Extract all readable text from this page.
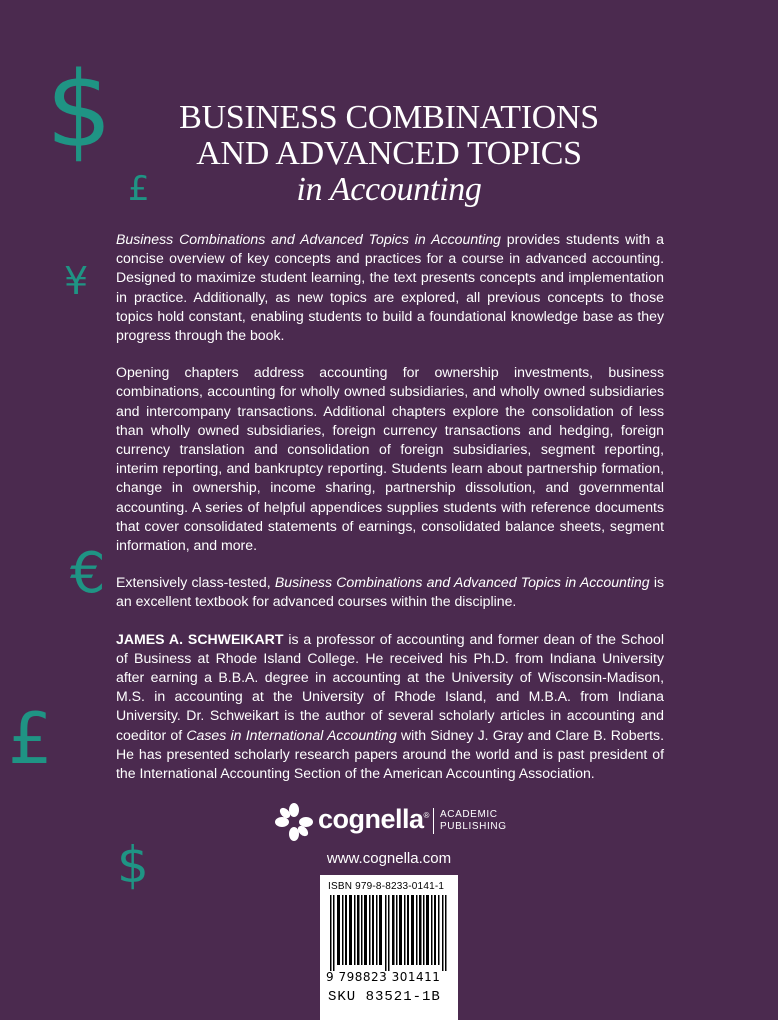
$
£
¥
€
£
$
BUSINESS COMBINATIONS
AND ADVANCED TOPICS
in Accounting

Business Combinations and Advanced Topics in Accounting provides students with a concise overview of key concepts and practices for a course in advanced accounting. Designed to maximize student learning, the text presents concepts and implementation in practice. Additionally, as new topics are explored, all previous concepts to those topics hold constant, enabling students to build a foundational knowledge base as they progress through the book.

Opening chapters address accounting for ownership investments, business combinations, accounting for wholly owned subsidiaries, and wholly owned subsidiaries and intercompany transactions. Additional chapters explore the consolidation of less than wholly owned subsidiaries, foreign currency transactions and hedging, foreign currency translation and consolidation of foreign subsidiaries, segment reporting, interim reporting, and bankruptcy reporting. Students learn about partnership formation, change in ownership, income sharing, partnership dissolution, and governmental accounting. A series of helpful appendices supplies students with reference documents that cover consolidated statements of earnings, consolidated balance sheets, segment information, and more.

Extensively class-tested, Business Combinations and Advanced Topics in Accounting is an excellent textbook for advanced courses within the discipline.

JAMES A. SCHWEIKART is a professor of accounting and former dean of the School of Business at Rhode Island College. He received his Ph.D. from Indiana University after earning a B.B.A. degree in accounting at the University of Wisconsin-Madison, M.S. in accounting at the University of Rhode Island, and M.B.A. from Indiana University. Dr. Schweikart is the author of several scholarly articles in accounting and coeditor of Cases in International Accounting with Sidney J. Gray and Clare B. Roberts. He has presented scholarly research papers around the world and is past president of the International Accounting Section of the American Accounting Association.

cognella® ACADEMIC
PUBLISHING
www.cognella.com
ISBN 979-8-8233-0141-1
9 798823 301411
SKU 83521-1B
